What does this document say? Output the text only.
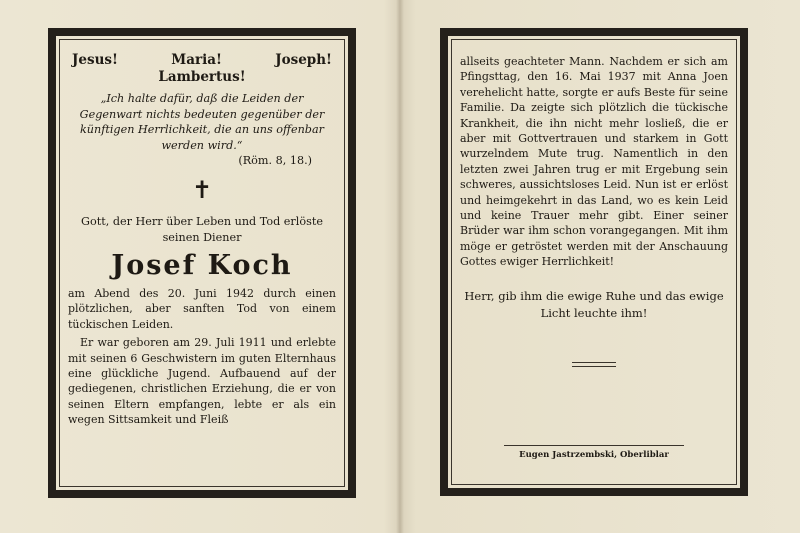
Jesus!	Maria!	Joseph!
Lambertus!
„Ich halte dafür, daß die Leiden der Gegenwart nichts bedeuten gegenüber der künftigen Herrlichkeit, die an uns offenbar werden wird.“
(Röm. 8, 18.)
✝
Gott, der Herr über Leben und Tod erlöste seinen Diener
Josef Koch
am Abend des 20. Juni 1942 durch einen plötzlichen, aber sanften Tod von einem tückischen Leiden.
Er war geboren am 29. Juli 1911 und erlebte mit seinen 6 Geschwistern im guten Elternhaus eine glückliche Jugend. Aufbauend auf der gediegenen, christlichen Erziehung, die er von seinen Eltern empfangen, lebte er als ein wegen Sittsamkeit und Fleiß
allseits geachteter Mann. Nachdem er sich am Pfingsttag, den 16. Mai 1937 mit Anna Joen verehelicht hatte, sorgte er aufs Beste für seine Familie. Da zeigte sich plötzlich die tückische Krankheit, die ihn nicht mehr losließ, die er aber mit Gottvertrauen und starkem in Gott wurzelndem Mute trug. Namentlich in den letzten zwei Jahren trug er mit Ergebung sein schweres, aussichtsloses Leid. Nun ist er erlöst und heimgekehrt in das Land, wo es kein Leid und keine Trauer mehr gibt. Einer seiner Brüder war ihm schon vorangegangen. Mit ihm möge er getröstet werden mit der Anschauung Gottes ewiger Herrlichkeit!
Herr, gib ihm die ewige Ruhe und das ewige Licht leuchte ihm!
Eugen Jastrzembski, Oberliblar
